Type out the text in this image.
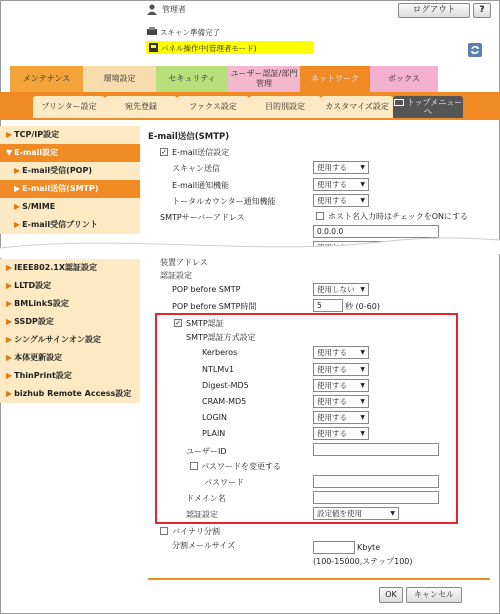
管理者	ログアウト	?
スキャン準備完了
パネル操作中(管理者モード)
メンテナンス	環境設定	セキュリティ
ユーザー認証/部門管理
ネットワーク	ボックス
プリンター設定	宛先登録	ファクス設定	目的別設定	カスタマイズ設定	トップメニューへ
▶ TCP/IP設定
▼ E-mail設定
▶ E-mail受信(POP)
▶ E-mail送信(SMTP)
▶ S/MIME
▶ E-mail受信プリント
▶ IEEE802.1X認証設定
▶ LLTD設定
▶ BMLinkS設定
▶ SSDP設定
▶ シングルサインオン設定
▶ 本体更新設定
▶ ThinPrint設定
▶ bizhub Remote Access設定
E-mail送信(SMTP)
✓ E-mail送信設定
スキャン送信	使用する ▼
E-mail通知機能	使用する ▼
トータルカウンター通知機能	使用する ▼
SMTPサーバーアドレス	ホスト名入力時はチェックをONにする
0.0.0.0
装置アドレス
認証設定
POP before SMTP	使用しない ▼
POP before SMTP時間	5	秒 (0-60)
✓ SMTP認証
SMTP認証方式設定
Kerberos	使用する ▼
NTLMv1	使用する ▼
Digest-MD5	使用する ▼
CRAM-MD5	使用する ▼
LOGIN	使用する ▼
PLAIN	使用する ▼
ユーザーID
パスワードを変更する
パスワード
ドメイン名
認証設定	設定値を使用	▼
バイナリ分割
分割メールサイズ	Kbyte
(100-15000,ステップ100)
OK	キャンセル
